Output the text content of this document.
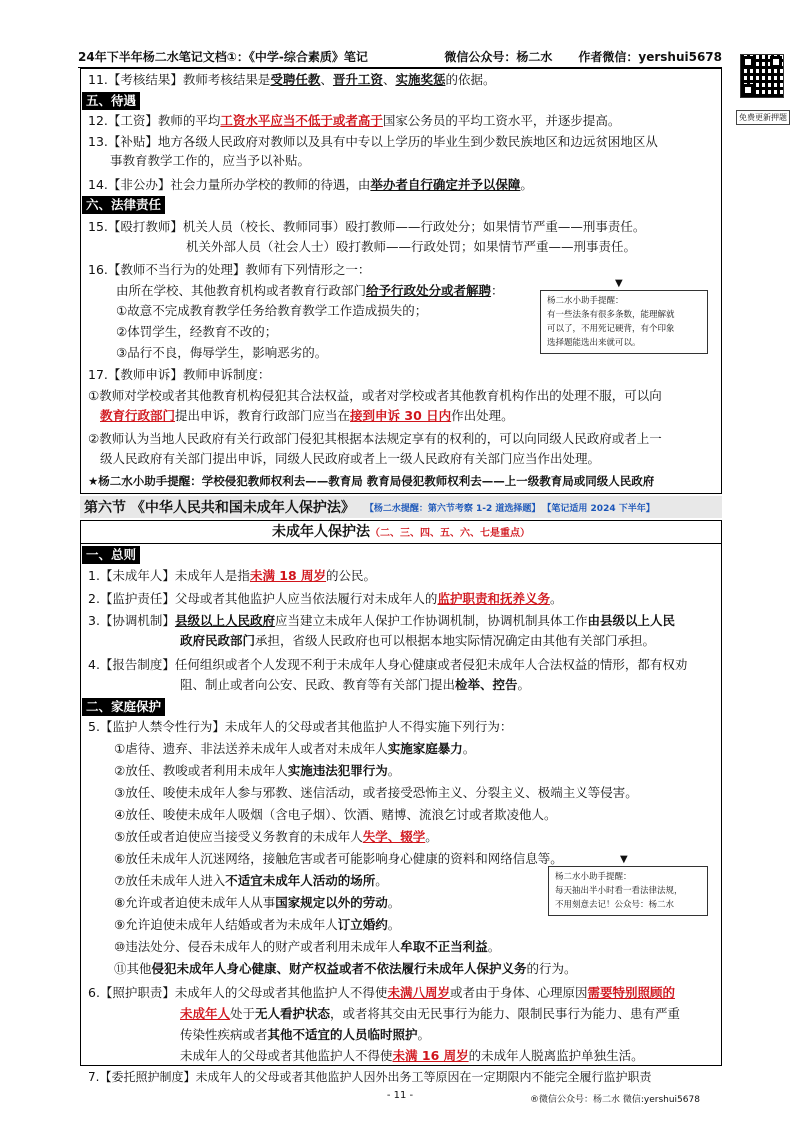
24年下半年杨二水笔记文档①：《中学-综合素质》笔记	微信公众号：杨二水 作者微信：yershui5678
免费更新押题
11.【考核结果】教师考核结果是受聘任教、晋升工资、实施奖惩的依据。
五、待遇
12.【工资】教师的平均工资水平应当不低于或者高于国家公务员的平均工资水平，并逐步提高。
13.【补贴】地方各级人民政府对教师以及具有中专以上学历的毕业生到少数民族地区和边远贫困地区从
事教育教学工作的，应当予以补贴。
14.【非公办】社会力量所办学校的教师的待遇，由举办者自行确定并予以保障。
六、法律责任
15.【殴打教师】机关人员（校长、教师同事）殴打教师——行政处分；如果情节严重——刑事责任。
机关外部人员（社会人士）殴打教师——行政处罚；如果情节严重——刑事责任。
16.【教师不当行为的处理】教师有下列情形之一：
由所在学校、其他教育机构或者教育行政部门给予行政处分或者解聘：
①故意不完成教育教学任务给教育教学工作造成损失的；
②体罚学生，经教育不改的；
③品行不良，侮辱学生，影响恶劣的。
▼
杨二水小助手提醒：
有一些法条有很多条数，能理解就
可以了，不用死记硬背，有个印象
选择题能选出来就可以。
17.【教师申诉】教师申诉制度：
①教师对学校或者其他教育机构侵犯其合法权益，或者对学校或者其他教育机构作出的处理不服，可以向
教育行政部门提出申诉，教育行政部门应当在接到申诉 30 日内作出处理。
②教师认为当地人民政府有关行政部门侵犯其根据本法规定享有的权利的，可以向同级人民政府或者上一
级人民政府有关部门提出申诉，同级人民政府或者上一级人民政府有关部门应当作出处理。
★杨二水小助手提醒：学校侵犯教师权利去——教育局 教育局侵犯教师权利去——上一级教育局或同级人民政府
第六节 《中华人民共和国未成年人保护法》 【杨二水提醒：第六节考察 1-2 道选择题】 【笔记适用 2024 下半年】
未成年人保护法（二、三、四、五、六、七是重点）
一、总则
1.【未成年人】未成年人是指未满 18 周岁的公民。
2.【监护责任】父母或者其他监护人应当依法履行对未成年人的监护职责和抚养义务。
3.【协调机制】县级以上人民政府应当建立未成年人保护工作协调机制，协调机制具体工作由县级以上人民
政府民政部门承担，省级人民政府也可以根据本地实际情况确定由其他有关部门承担。
4.【报告制度】任何组织或者个人发现不利于未成年人身心健康或者侵犯未成年人合法权益的情形，都有权劝
阻、制止或者向公安、民政、教育等有关部门提出检举、控告。
二、家庭保护
5.【监护人禁令性行为】未成年人的父母或者其他监护人不得实施下列行为：
①虐待、遗弃、非法送养未成年人或者对未成年人实施家庭暴力。
②放任、教唆或者利用未成年人实施违法犯罪行为。
③放任、唆使未成年人参与邪教、迷信活动，或者接受恐怖主义、分裂主义、极端主义等侵害。
④放任、唆使未成年人吸烟（含电子烟）、饮酒、赌博、流浪乞讨或者欺凌他人。
⑤放任或者迫使应当接受义务教育的未成年人失学、辍学。
⑥放任未成年人沉迷网络，接触危害或者可能影响身心健康的资料和网络信息等。
⑦放任未成年人进入不适宜未成年人活动的场所。
⑧允许或者迫使未成年人从事国家规定以外的劳动。
⑨允许迫使未成年人结婚或者为未成年人订立婚约。
⑩违法处分、侵吞未成年人的财产或者利用未成年人牟取不正当利益。
⑪其他侵犯未成年人身心健康、财产权益或者不依法履行未成年人保护义务的行为。
▼
杨二水小助手提醒：
每天抽出半小时看一看法律法规，
不用刻意去记！公众号：杨二水
6.【照护职责】未成年人的父母或者其他监护人不得使未满八周岁或者由于身体、心理原因需要特别照顾的
未成年人处于无人看护状态，或者将其交由无民事行为能力、限制民事行为能力、患有严重
传染性疾病或者其他不适宜的人员临时照护。
未成年人的父母或者其他监护人不得使未满 16 周岁的未成年人脱离监护单独生活。
7.【委托照护制度】未成年人的父母或者其他监护人因外出务工等原因在一定期限内不能完全履行监护职责
- 11 -	®微信公众号：杨二水 微信:yershui5678
